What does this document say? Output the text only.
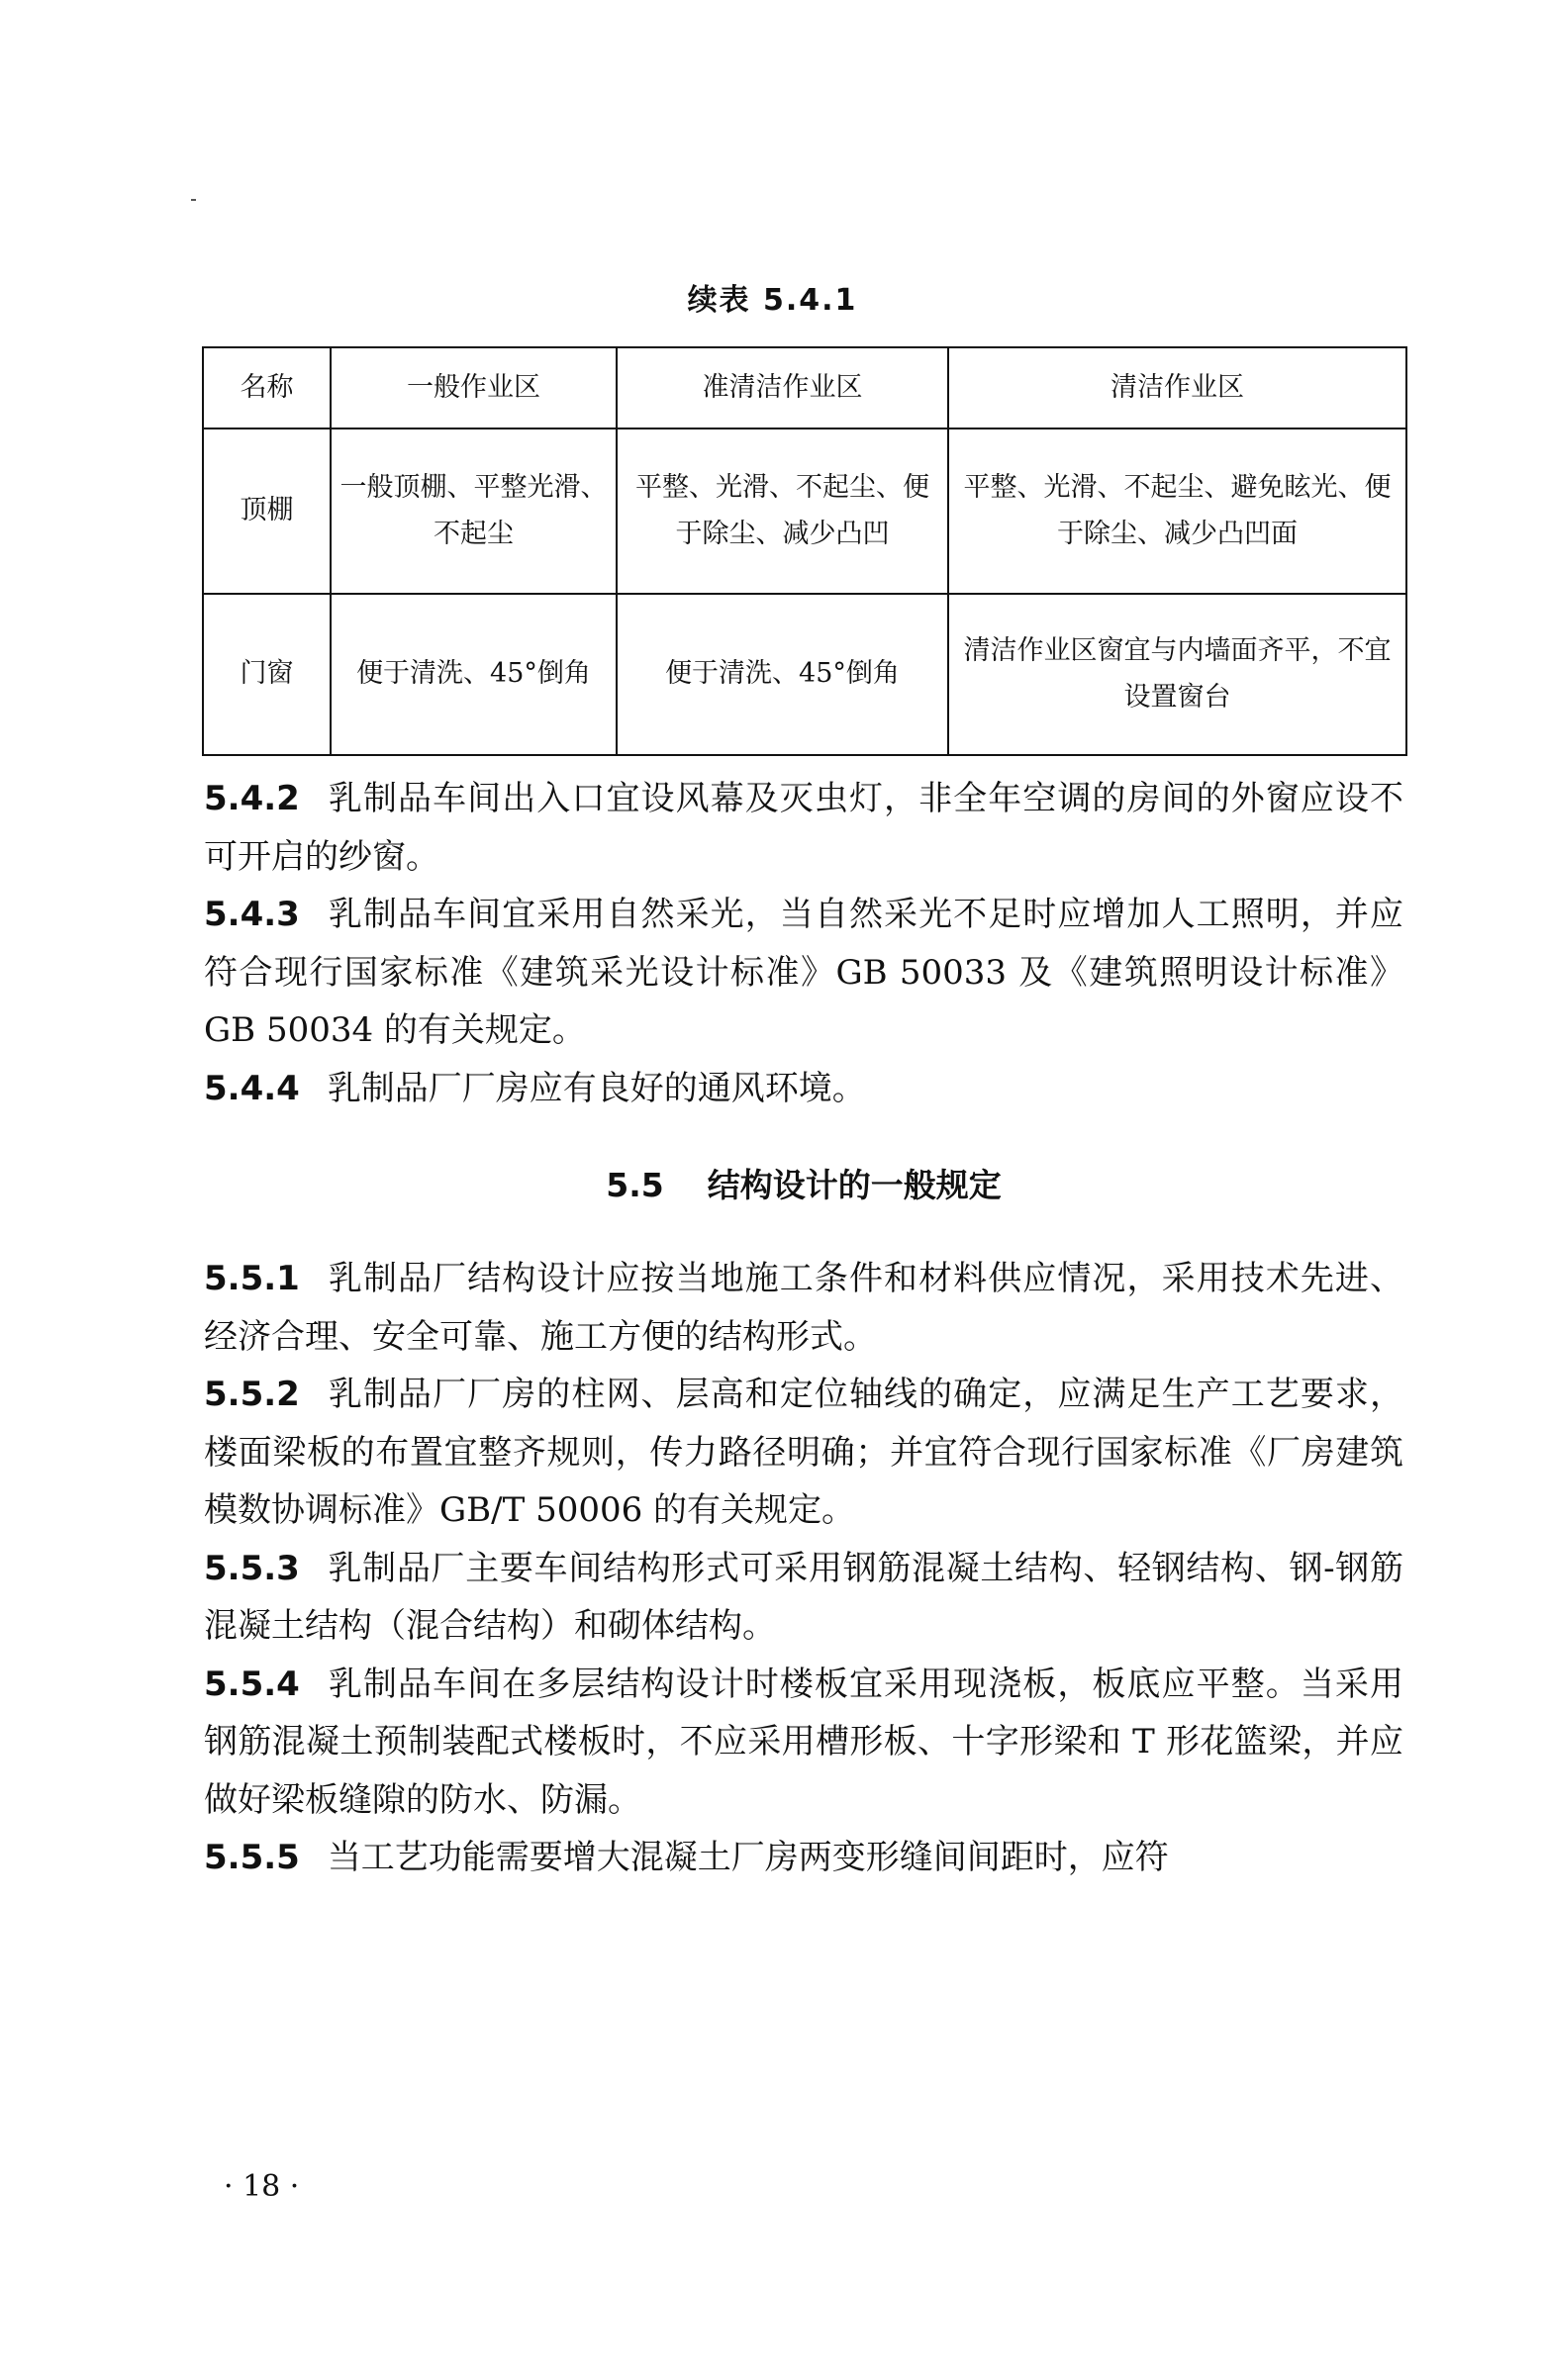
续表 5.4.1
名称	一般作业区	准清洁作业区	清洁作业区
顶棚	一般顶棚、平整光滑、不起尘	平整、光滑、不起尘、便于除尘、减少凸凹	平整、光滑、不起尘、避免眩光、便于除尘、减少凸凹面
门窗	便于清洗、45°倒角	便于清洗、45°倒角	清洁作业区窗宜与内墙面齐平，不宜设置窗台

5.4.2 乳制品车间出入口宜设风幕及灭虫灯，非全年空调的房间的外窗应设不可开启的纱窗。

5.4.3 乳制品车间宜采用自然采光，当自然采光不足时应增加人工照明，并应符合现行国家标准《建筑采光设计标准》GB 50033 及《建筑照明设计标准》GB 50034 的有关规定。

5.4.4 乳制品厂厂房应有良好的通风环境。

5.5 结构设计的一般规定

5.5.1 乳制品厂结构设计应按当地施工条件和材料供应情况，采用技术先进、经济合理、安全可靠、施工方便的结构形式。

5.5.2 乳制品厂厂房的柱网、层高和定位轴线的确定，应满足生产工艺要求，楼面梁板的布置宜整齐规则，传力路径明确；并宜符合现行国家标准《厂房建筑模数协调标准》GB/T 50006 的有关规定。

5.5.3 乳制品厂主要车间结构形式可采用钢筋混凝土结构、轻钢结构、钢-钢筋混凝土结构（混合结构）和砌体结构。

5.5.4 乳制品车间在多层结构设计时楼板宜采用现浇板，板底应平整。当采用钢筋混凝土预制装配式楼板时，不应采用槽形板、十字形梁和 T 形花篮梁，并应做好梁板缝隙的防水、防漏。

5.5.5 当工艺功能需要增大混凝土厂房两变形缝间间距时，应符

· 18 ·
